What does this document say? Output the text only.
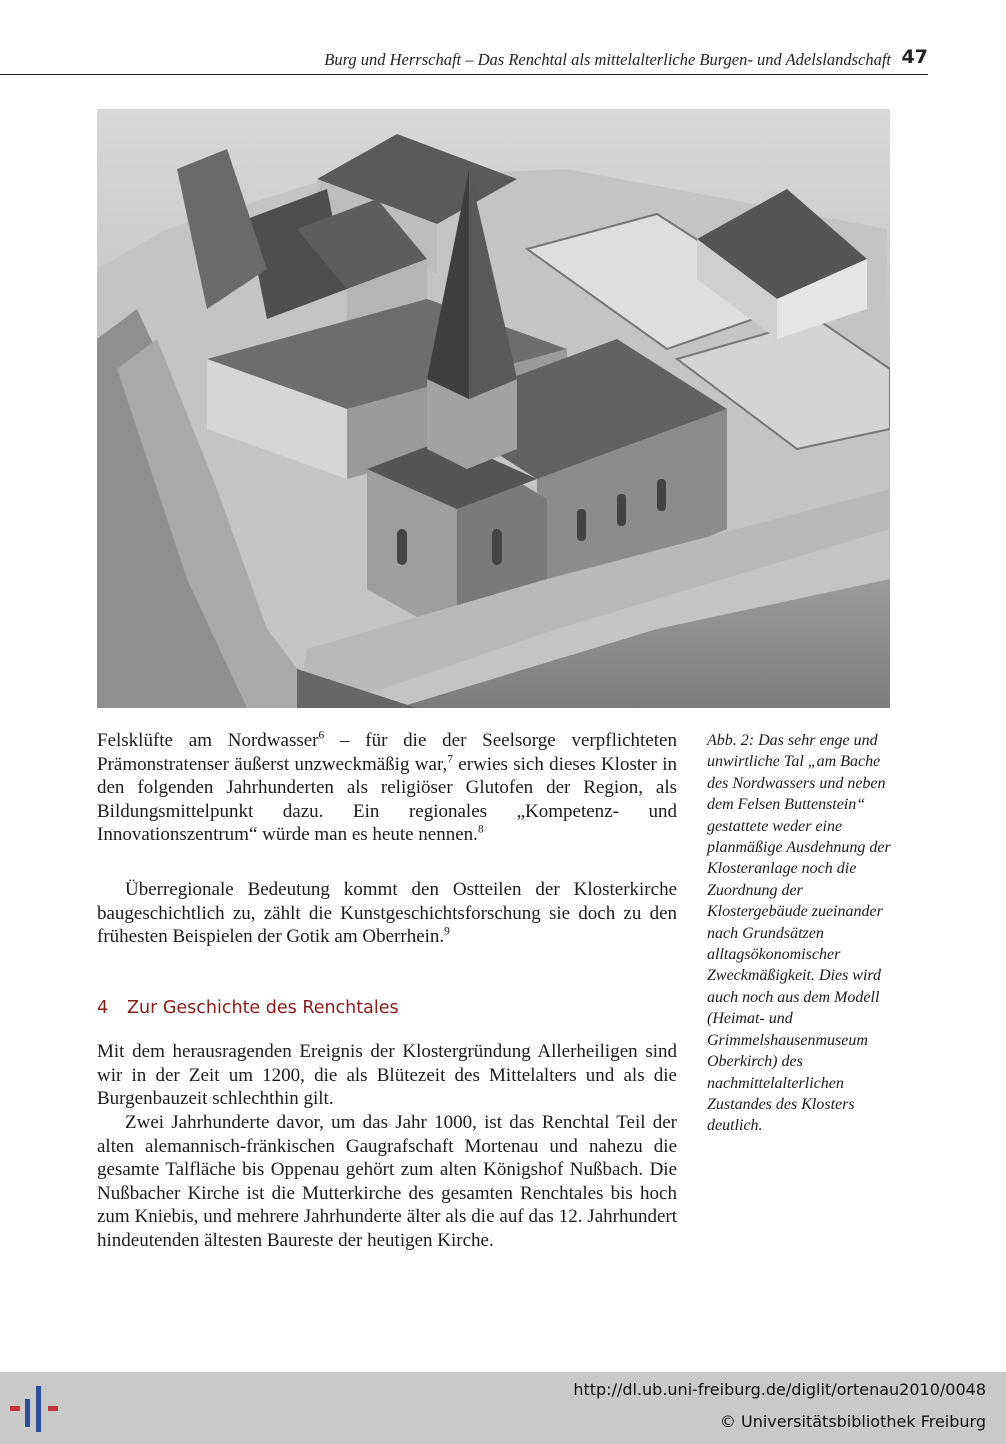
Burg und Herrschaft – Das Renchtal als mittelalterliche Burgen- und Adelslandschaft 47

Felsklüfte am Nordwasser$^6$ – für die der Seelsorge verpflichteten Prämonstratenser äußerst unzweckmäßig war,$^7$ erwies sich dieses Kloster in den folgenden Jahrhunderten als religiöser Glutofen der Region, als Bildungsmittelpunkt dazu. Ein regionales „Kompetenz- und Innovationszentrum“ würde man es heute nennen.$^8$

Überregionale Bedeutung kommt den Ostteilen der Klosterkirche baugeschichtlich zu, zählt die Kunstgeschichtsforschung sie doch zu den frühesten Beispielen der Gotik am Oberrhein.$^9$

4 Zur Geschichte des Renchtales

Mit dem herausragenden Ereignis der Klostergründung Allerheiligen sind wir in der Zeit um 1200, die als Blütezeit des Mittelalters und als die Burgenbauzeit schlechthin gilt.

Zwei Jahrhunderte davor, um das Jahr 1000, ist das Renchtal Teil der alten alemannisch-fränkischen Gaugrafschaft Mortenau und nahezu die gesamte Talfläche bis Oppenau gehört zum alten Königshof Nußbach. Die Nußbacher Kirche ist die Mutterkirche des gesamten Renchtales bis hoch zum Kniebis, und mehrere Jahrhunderte älter als die auf das 12. Jahrhundert hindeutenden ältesten Baureste der heutigen Kirche.

Abb. 2: Das sehr enge und unwirtliche Tal „am Bache des Nordwassers und neben dem Felsen Buttenstein“ gestattete weder eine planmäßige Ausdehnung der Klosteranlage noch die Zuordnung der Klostergebäude zueinander nach Grundsätzen alltagsökonomischer Zweckmäßigkeit. Dies wird auch noch aus dem Modell (Heimat- und Grimmelshausenmuseum Oberkirch) des nachmittelalterlichen Zustandes des Klosters deutlich.
http://dl.ub.uni-freiburg.de/diglit/ortenau2010/0048
© Universitätsbibliothek Freiburg
